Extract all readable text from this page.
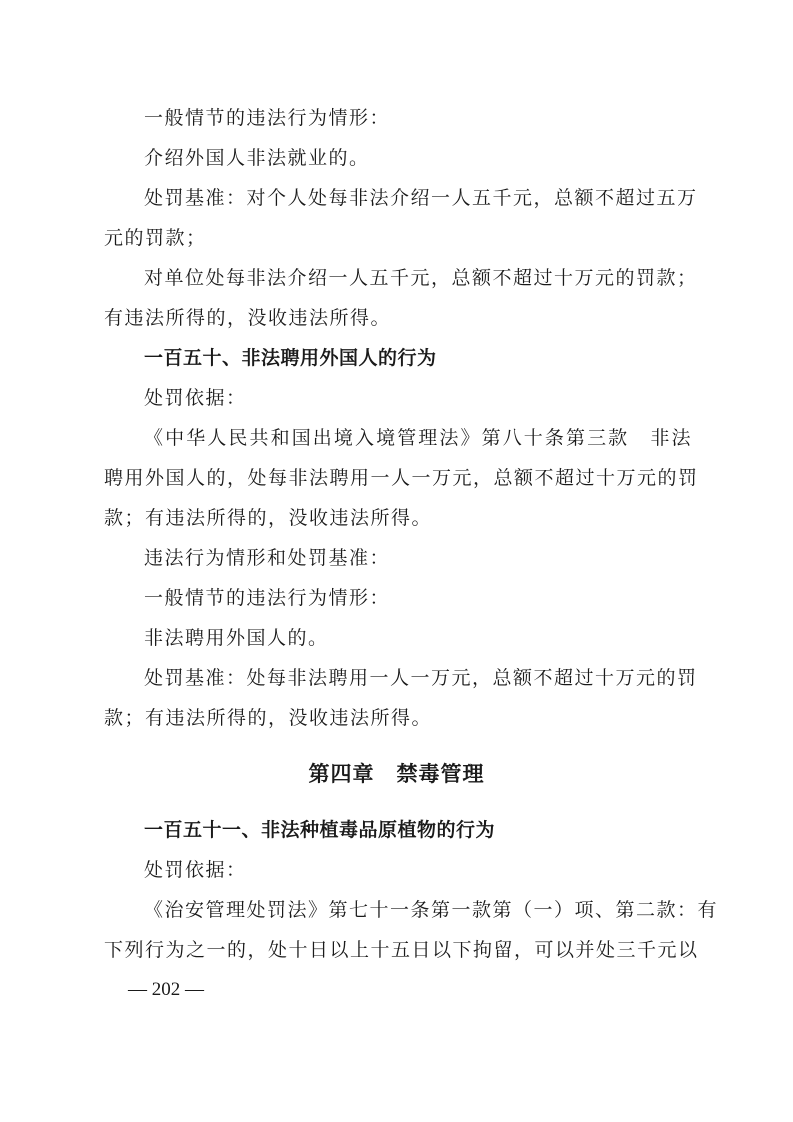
一般情节的违法行为情形：
介绍外国人非法就业的。
处罚基准：对个人处每非法介绍一人五千元，总额不超过五万
元的罚款；
对单位处每非法介绍一人五千元，总额不超过十万元的罚款；
有违法所得的，没收违法所得。
一百五十、非法聘用外国人的行为
处罚依据：
《中华人民共和国出境入境管理法》第八十条第三款　非法
聘用外国人的，处每非法聘用一人一万元，总额不超过十万元的罚
款；有违法所得的，没收违法所得。
违法行为情形和处罚基准：
一般情节的违法行为情形：
非法聘用外国人的。
处罚基准：处每非法聘用一人一万元，总额不超过十万元的罚
款；有违法所得的，没收违法所得。
第四章　禁毒管理
一百五十一、非法种植毒品原植物的行为
处罚依据：
《治安管理处罚法》第七十一条第一款第（一）项、第二款：有
下列行为之一的，处十日以上十五日以下拘留，可以并处三千元以
— 202 —
